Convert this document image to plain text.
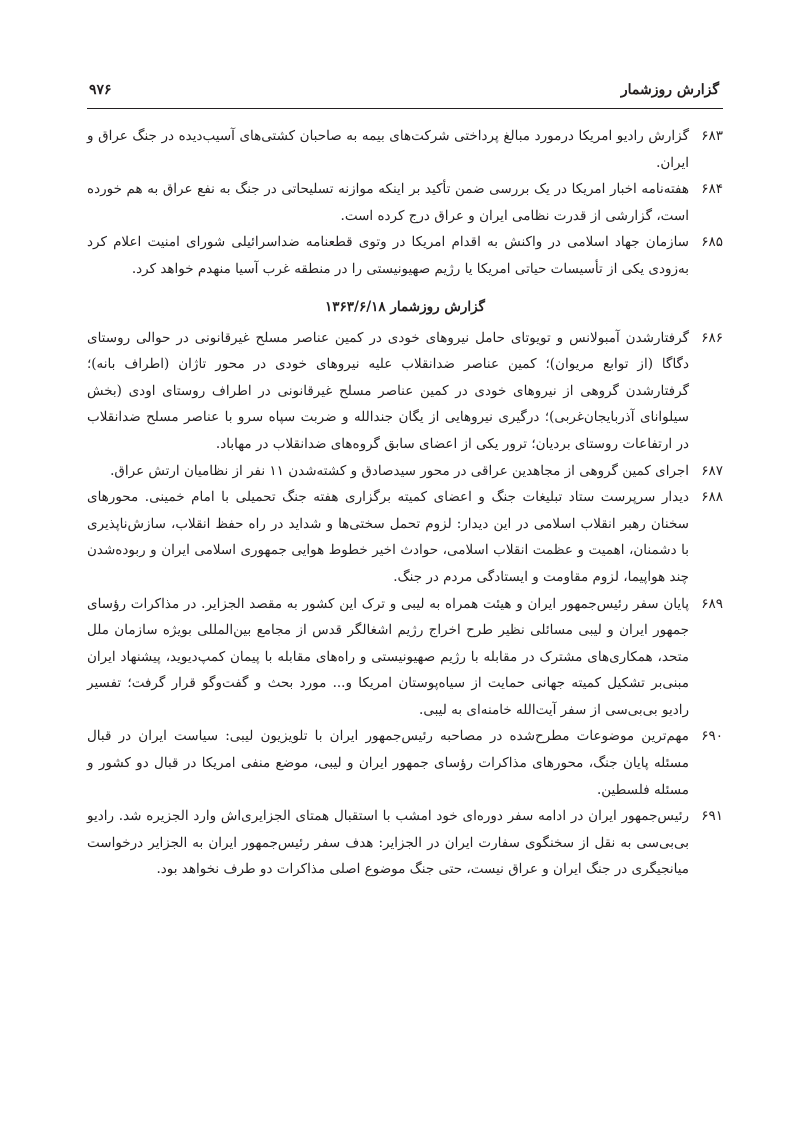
گزارش روزشمار
۹۷۶
۶۸۳
گزارش رادیو امریکا درمورد مبالغ پرداختی شرکت‌های بیمه به صاحبان کشتی‌های آسیب‌دیده در جنگ عراق و ایران.
۶۸۴
هفته‌نامه اخبار امریکا در یک بررسی ضمن تأکید بر اینکه موازنه تسلیحاتی در جنگ به نفع عراق به هم خورده است، گزارشی از قدرت نظامی ایران و عراق درج کرده است.
۶۸۵
سازمان جهاد اسلامی در واکنش به اقدام امریکا در وتوی قطعنامه ضداسرائیلی شورای امنیت اعلام کرد به‌زودی یکی از تأسیسات حیاتی امریکا یا رژیم صهیونیستی را در منطقه غرب آسیا منهدم خواهد کرد.
گزارش روزشمار ۱۳۶۳/۶/۱۸
۶۸۶
گرفتارشدن آمبولانس و تویوتای حامل نیروهای خودی در کمین عناصر مسلح غیرقانونی در حوالی روستای دگاگا (از توابع مریوان)؛ کمین عناصر ضدانقلاب علیه نیروهای خودی در محور تاژان (اطراف بانه)؛ گرفتارشدن گروهی از نیروهای خودی در کمین عناصر مسلح غیرقانونی در اطراف روستای اودی (بخش سیلوانای آذربایجان‌غربی)؛ درگیری نیروهایی از یگان جندالله و ضربت سپاه سرو با عناصر مسلح ضدانقلاب در ارتفاعات روستای بردیان؛ ترور یکی از اعضای سابق گروه‌های ضدانقلاب در مهاباد.
۶۸۷
اجرای کمین گروهی از مجاهدین عراقی در محور سیدصادق و کشته‌شدن ۱۱ نفر از نظامیان ارتش عراق.
۶۸۸
دیدار سرپرست ستاد تبلیغات جنگ و اعضای کمیته برگزاری هفته جنگ تحمیلی با امام خمینی. محورهای سخنان رهبر انقلاب اسلامی در این دیدار: لزوم تحمل سختی‌ها و شداید در راه حفظ انقلاب، سازش‌ناپذیری با دشمنان، اهمیت و عظمت انقلاب اسلامی، حوادث اخیر خطوط هوایی جمهوری اسلامی ایران و ربوده‌شدن چند هواپیما، لزوم مقاومت و ایستادگی مردم در جنگ.
۶۸۹
پایان سفر رئیس‌جمهور ایران و هیئت همراه به لیبی و ترک این کشور به مقصد الجزایر. در مذاکرات رؤسای جمهور ایران و لیبی مسائلی نظیر طرح اخراج رژیم اشغالگر قدس از مجامع بین‌المللی بویژه سازمان ملل متحد، همکاری‌های مشترک در مقابله با رژیم صهیونیستی و راه‌های مقابله با پیمان کمپ‌دیوید، پیشنهاد ایران مبنی‌بر تشکیل کمیته جهانی حمایت از سیاه‌پوستان امریکا و... مورد بحث و گفت‌وگو قرار گرفت؛ تفسیر رادیو بی‌بی‌سی از سفر آیت‌الله خامنه‌ای به لیبی.
۶۹۰
مهم‌ترین موضوعات مطرح‌شده در مصاحبه رئیس‌جمهور ایران با تلویزیون لیبی: سیاست ایران در قبال مسئله پایان جنگ، محورهای مذاکرات رؤسای جمهور ایران و لیبی، موضع منفی امریکا در قبال دو کشور و مسئله فلسطین.
۶۹۱
رئیس‌جمهور ایران در ادامه سفر دوره‌ای خود امشب با استقبال همتای الجزایری‌اش وارد الجزیره شد. رادیو بی‌بی‌سی به نقل از سخنگوی سفارت ایران در الجزایر: هدف سفر رئیس‌جمهور ایران به الجزایر درخواست میانجیگری در جنگ ایران و عراق نیست، حتی جنگ موضوع اصلی مذاکرات دو طرف نخواهد بود.
